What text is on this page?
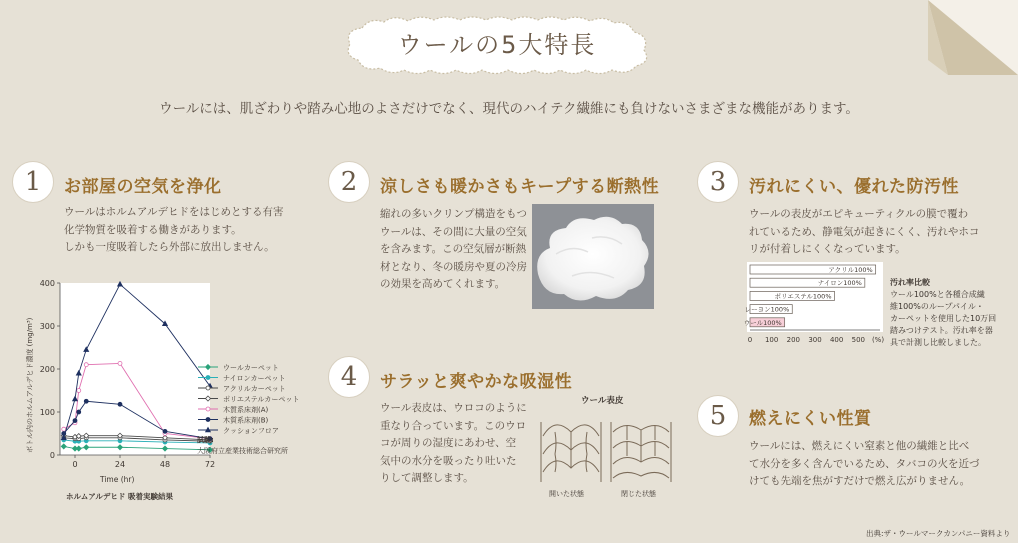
ウールの5大特長
ウールには、肌ざわりや踏み心地のよさだけでなく、現代のハイテク繊維にも負けないさまざまな機能があります。
1	お部屋の空気を浄化
ウールはホルムアルデヒドをはじめとする有害
化学物質を吸着する働きがあります。
しかも一度吸着したら外部に放出しません。
0
100
200
300
400
0	24	48	72
ボトル内のホルムアルデヒド濃度 (mg/m³)
Time (hr)
ホルムアルデヒド 吸着実験結果
ウールカーペット
ナイロンカーペット
アクリルカーペット
ポリエステルカーペット
木質系床剤(A)
木質系床剤(B)
クッションフロア
試験:
大阪府立産業技術総合研究所
2	涼しさも暖かさもキープする断熱性
縮れの多いクリンプ構造をもつ
ウールは、その間に大量の空気
を含みます。この空気層が断熱
材となり、冬の暖房や夏の冷房
の効果を高めてくれます。
3	汚れにくい、優れた防汚性
ウールの表皮がエピキューティクルの膜で覆わ
れているため、静電気が起きにくく、汚れやホコ
リが付着しにくくなっています。
アクリル100%
ナイロン100%
ポリエステル100%
レーヨン100%
ウール100%
0 100 200 300 400 500 (%)
汚れ率比較
ウール100%と各種合成繊
維100%のループパイル・
カーペットを使用した10万回
踏みつけテスト。汚れ率を器
具で計測し比較しました。
4	サラッと爽やかな吸湿性
ウール表皮は、ウロコのように
重なり合っています。このウロ
コが周りの湿度にあわせ、空
気中の水分を吸ったり吐いた
りして調整します。
ウール表皮
開いた状態	閉じた状態
5	燃えにくい性質
ウールには、燃えにくい窒素と他の繊維と比べ
て水分を多く含んでいるため、タバコの火を近づ
けても先端を焦がすだけで燃え広がりません。
出典:ザ・ウールマークカンパニー資料より
